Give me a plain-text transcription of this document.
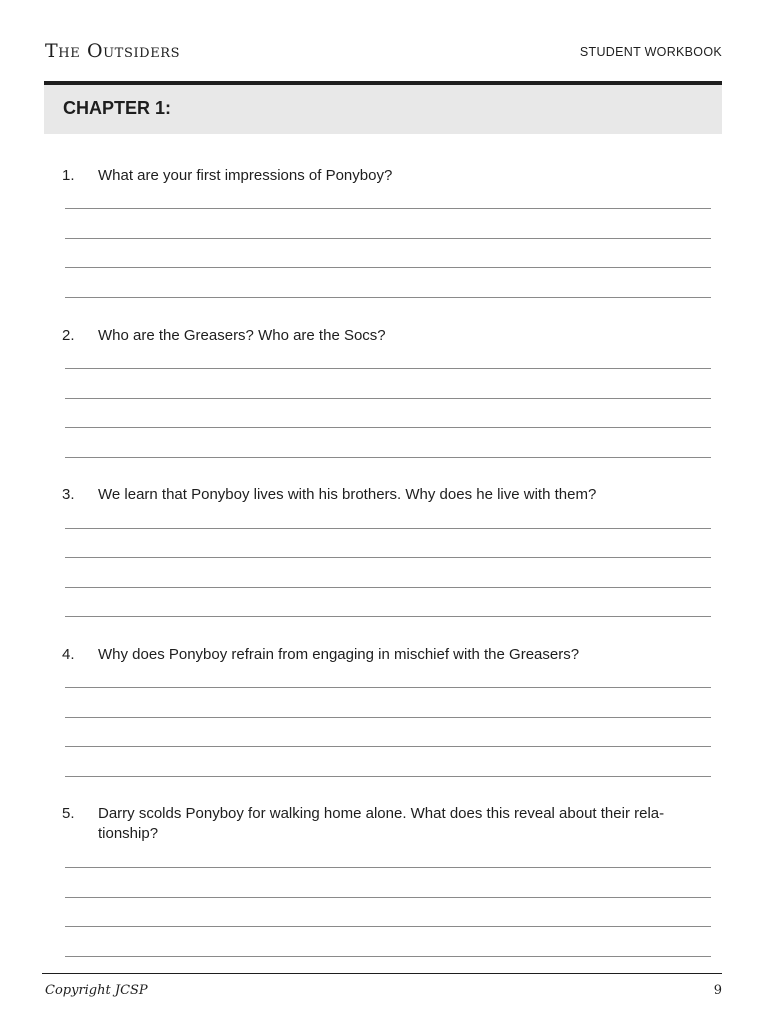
The Outsiders	STUDENT WORKBOOK
CHAPTER 1:
1. What are your first impressions of Ponyboy?
2. Who are the Greasers? Who are the Socs?
3. We learn that Ponyboy lives with his brothers. Why does he live with them?
4. Why does Ponyboy refrain from engaging in mischief with the Greasers?
5. Darry scolds Ponyboy for walking home alone. What does this reveal about their rela-tionship?
Copyright JCSP	9
